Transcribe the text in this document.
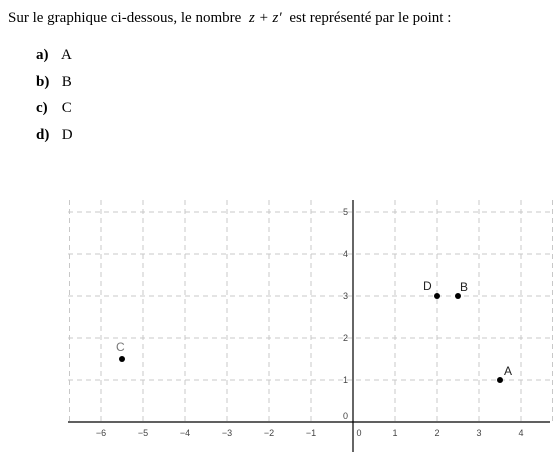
Sur le graphique ci-dessous, le nombre z + z′ est représenté par le point :
a) A
b) B
c) C
d) D
−6	−5	−4	−3	−2	−1	0	1	2	3	4
0
1
2
3
4
5
A
B
C
D
